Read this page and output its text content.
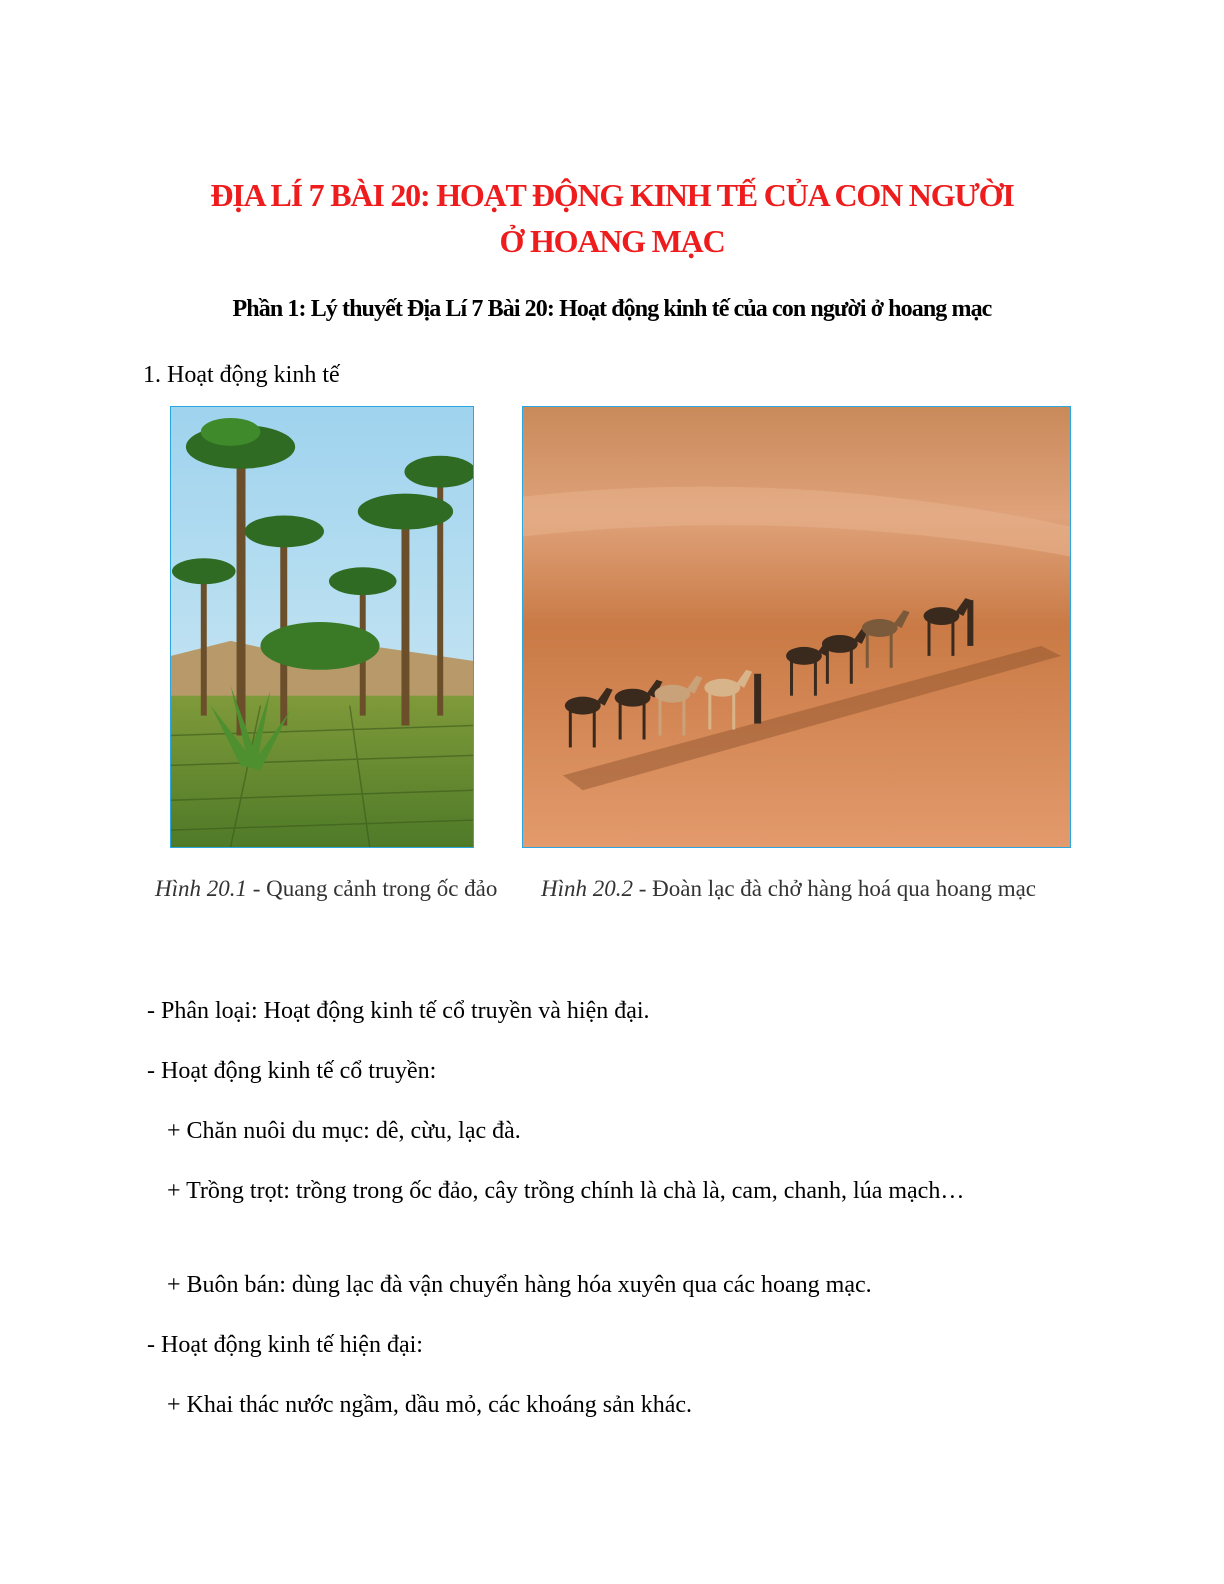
ĐỊA LÍ 7 BÀI 20: HOẠT ĐỘNG KINH TẾ CỦA CON NGƯỜI
Ở HOANG MẠC
Phần 1: Lý thuyết Địa Lí 7 Bài 20: Hoạt động kinh tế của con người ở hoang mạc
1. Hoạt động kinh tế
Hình 20.1 - Quang cảnh trong ốc đảo Hình 20.2 - Đoàn lạc đà chở hàng hoá qua hoang mạc
- Phân loại: Hoạt động kinh tế cổ truyền và hiện đại.
- Hoạt động kinh tế cổ truyền:
+ Chăn nuôi du mục: dê, cừu, lạc đà.
+ Trồng trọt: trồng trong ốc đảo, cây trồng chính là chà là, cam, chanh, lúa mạch…
+ Buôn bán: dùng lạc đà vận chuyển hàng hóa xuyên qua các hoang mạc.
- Hoạt động kinh tế hiện đại:
+ Khai thác nước ngầm, dầu mỏ, các khoáng sản khác.
